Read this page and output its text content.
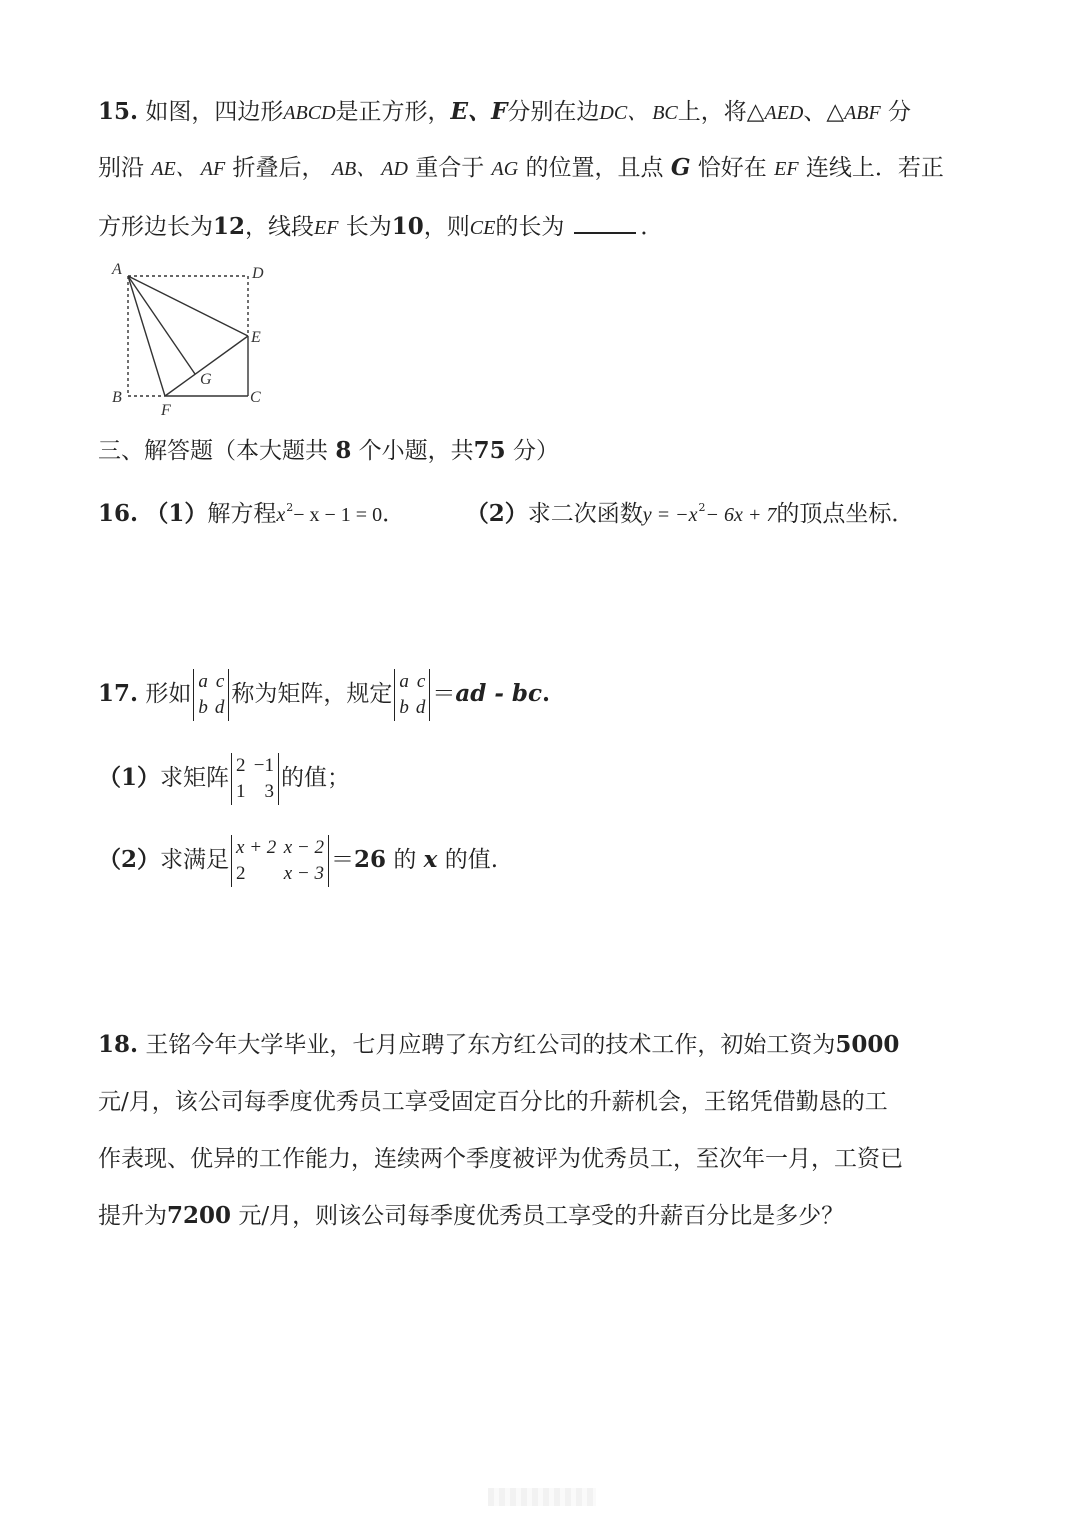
15. 如图，四边形ABCD是正方形，E、F分别在边DC、 BC上，将△AED、△ABF 分
别沿 AE、 AF 折叠后， AB、 AD 重合于 AG 的位置，且点 G 恰好在 EF 连线上．若正
方形边长为12，线段EF 长为10，则CE的长为	．
A	D
E
B	C
F
G
三、解答题（本大题共 8 个小题，共75 分）
16. （1）解方程$x^2- x - 1 = 0$．	（2）求二次函数$y = -x^2- 6x + 7$的顶点坐标．
17. 形如 a c
b d
称为矩阵，规定 a c
b d
＝ad - bc.
（1）求矩阵 2 −1
1 3
的值；
（2）求满足 x + 2 x − 2
2 x − 3
＝26 的 x 的值.
18. 王铭今年大学毕业，七月应聘了东方红公司的技术工作，初始工资为5000
元/月，该公司每季度优秀员工享受固定百分比的升薪机会，王铭凭借勤恳的工
作表现、优异的工作能力，连续两个季度被评为优秀员工，至次年一月，工资已
提升为7200 元/月，则该公司每季度优秀员工享受的升薪百分比是多少？
